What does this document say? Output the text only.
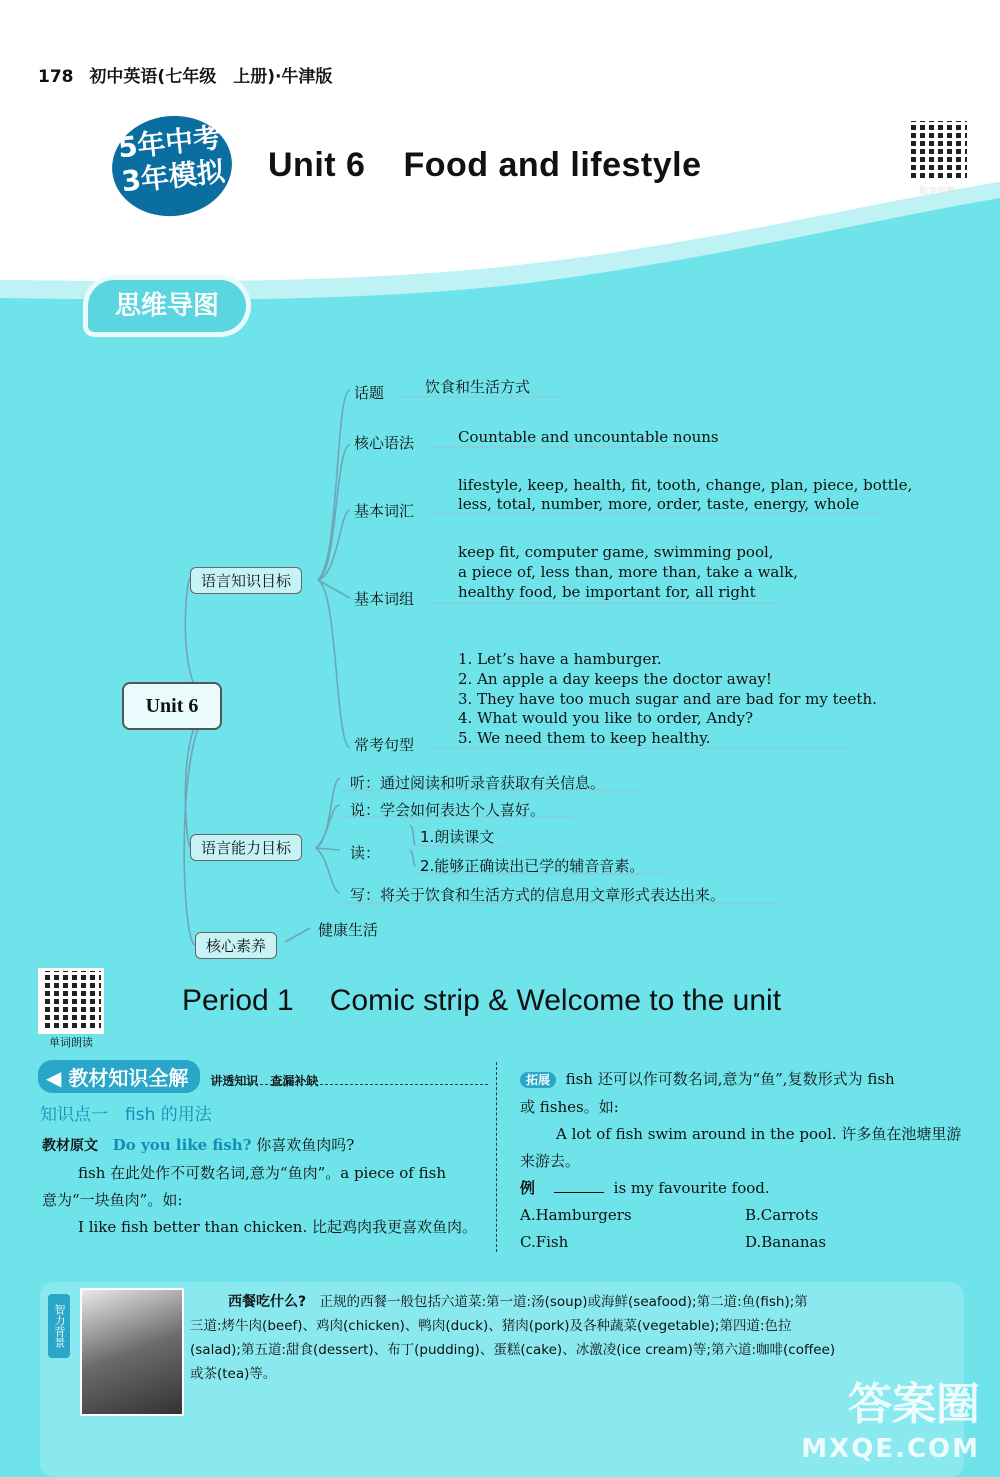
178 初中英语(七年级　上册)·牛津版
5年中考
3年模拟 Unit 6 Food and lifestyle
数字资源
思维导图
Unit 6
语言知识目标
语言能力目标
核心素养
话题	饮食和生活方式
核心语法	Countable and uncountable nouns
基本词汇
lifestyle, keep, health, fit, tooth, change, plan, piece, bottle,
less, total, number, more, order, taste, energy, whole
基本词组
keep fit, computer game, swimming pool,
a piece of, less than, more than, take a walk,
healthy food, be important for, all right
常考句型
1. Let’s have a hamburger.
2. An apple a day keeps the doctor away!
3. They have too much sugar and are bad for my teeth.
4. What would you like to order, Andy?
5. We need them to keep healthy.
听：通过阅读和听录音获取有关信息。
说：学会如何表达个人喜好。
读：
1.朗读课文
2.能够正确读出已学的辅音音素。
写：将关于饮食和生活方式的信息用文章形式表达出来。
健康生活
单词朗读
Period 1 Comic strip & Welcome to the unit
◀ 教材知识全解 讲透知识　查漏补缺
知识点一　fish 的用法
教材原文 Do you like fish? 你喜欢鱼肉吗?
fish 在此处作不可数名词,意为“鱼肉”。a piece of fish
意为“一块鱼肉”。如:
I like fish better than chicken. 比起鸡肉我更喜欢鱼肉。
拓展 fish 还可以作可数名词,意为“鱼”,复数形式为 fish
或 fishes。如:
A lot of fish swim around in the pool. 许多鱼在池塘里游
来游去。
例	is my favourite food.
A.Hamburgers	B.Carrots
C.Fish	D.Bananas
智力背景
西餐吃什么? 正规的西餐一般包括六道菜:第一道:汤(soup)或海鲜(seafood);第二道:鱼(fish);第
三道:烤牛肉(beef)、鸡肉(chicken)、鸭肉(duck)、猪肉(pork)及各种蔬菜(vegetable);第四道:色拉
(salad);第五道:甜食(dessert)、布丁(pudding)、蛋糕(cake)、冰激凌(ice cream)等;第六道:咖啡(coffee)
或茶(tea)等。
答案圈
MXQE.COM
